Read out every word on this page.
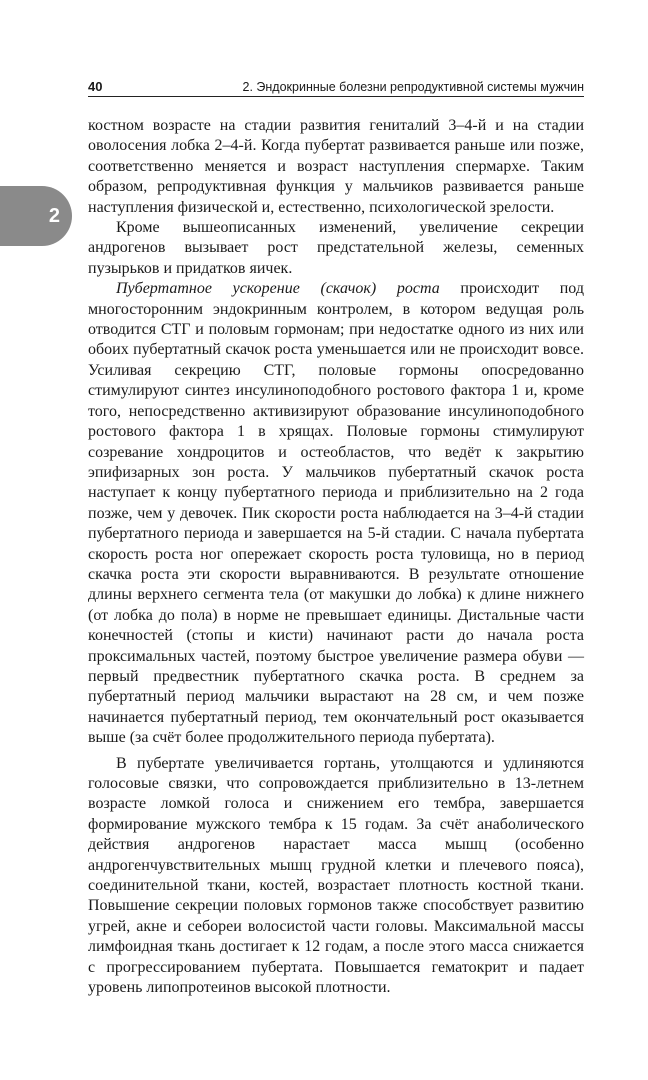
40	2. Эндокринные болезни репродуктивной системы мужчин
2

костном возрасте на стадии развития гениталий 3–4-й и на стадии оволосения лобка 2–4-й. Когда пубертат развивается раньше или позже, соответственно меняется и возраст наступления спермархе. Таким образом, репродуктивная функция у мальчиков развивается раньше наступления физической и, естественно, психологической зрелости.

Кроме вышеописанных изменений, увеличение секреции андрогенов вызывает рост предстательной железы, семенных пузырьков и придатков яичек.

Пубертатное ускорение (скачок) роста происходит под многосторонним эндокринным контролем, в котором ведущая роль отводится СТГ и половым гормонам; при недостатке одного из них или обоих пубертатный скачок роста уменьшается или не происходит вовсе. Усиливая секрецию СТГ, половые гормоны опосредованно стимулируют синтез инсулиноподобного ростового фактора 1 и, кроме того, непосредственно активизируют образование инсулиноподобного ростового фактора 1 в хрящах. Половые гормоны стимулируют созревание хондроцитов и остеобластов, что ведёт к закрытию эпифизарных зон роста. У мальчиков пубертатный скачок роста наступает к концу пубертатного периода и приблизительно на 2 года позже, чем у девочек. Пик скорости роста наблюдается на 3–4-й стадии пубертатного периода и завершается на 5-й стадии. С начала пубертата скорость роста ног опережает скорость роста туловища, но в период скачка роста эти скорости выравниваются. В результате отношение длины верхнего сегмента тела (от макушки до лобка) к длине нижнего (от лобка до пола) в норме не превышает единицы. Дистальные части конечностей (стопы и кисти) начинают расти до начала роста проксимальных частей, поэтому быстрое увеличение размера обуви — первый предвестник пубертатного скачка роста. В среднем за пубертатный период мальчики вырастают на 28 см, и чем позже начинается пубертатный период, тем окончательный рост оказывается выше (за счёт более продолжительного периода пубертата).

В пубертате увеличивается гортань, утолщаются и удлиняются голосовые связки, что сопровождается приблизительно в 13-летнем возрасте ломкой голоса и снижением его тембра, завершается формирование мужского тембра к 15 годам. За счёт анаболического действия андрогенов нарастает масса мышц (особенно андрогенчувствительных мышц грудной клетки и плечевого пояса), соединительной ткани, костей, возрастает плотность костной ткани. Повышение секреции половых гормонов также способствует развитию угрей, акне и себореи волосистой части головы. Максимальной массы лимфоидная ткань достигает к 12 годам, а после этого масса снижается с прогрессированием пубертата. Повышается гематокрит и падает уровень липопротеинов высокой плотности.
